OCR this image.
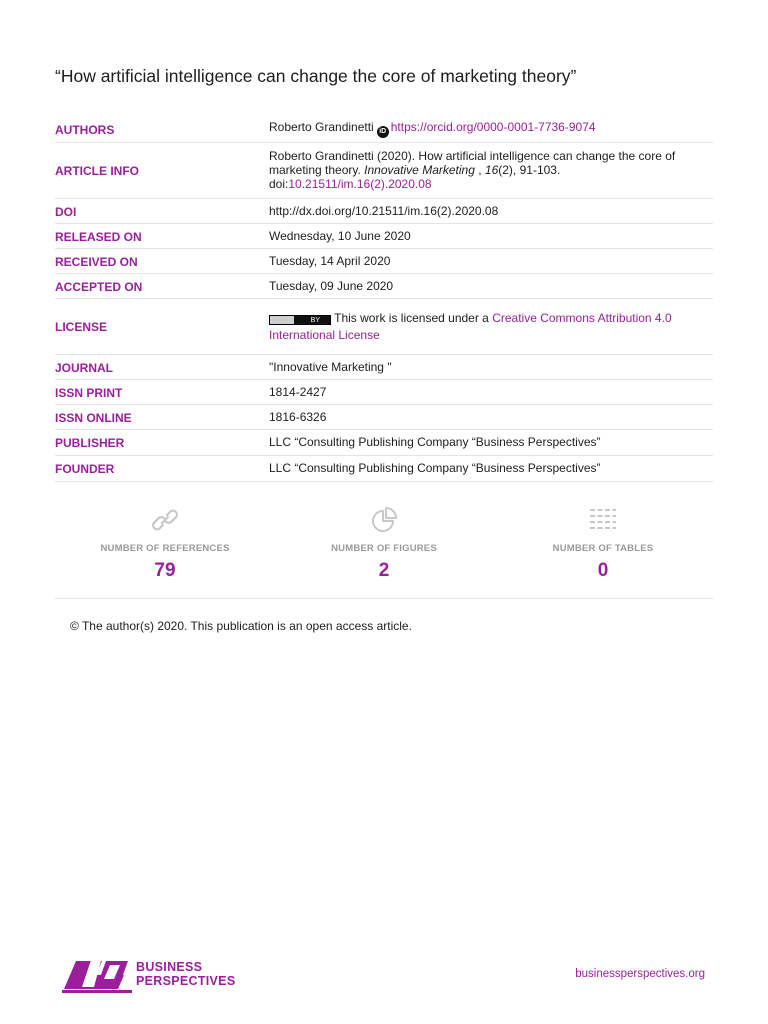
“How artificial intelligence can change the core of marketing theory”
AUTHORS	Roberto Grandinetti iD https://orcid.org/0000-0001-7736-9074
ARTICLE INFO	Roberto Grandinetti (2020). How artificial intelligence can change the core of marketing theory. Innovative Marketing , 16(2), 91-103.
doi:10.21511/im.16(2).2020.08
DOI	http://dx.doi.org/10.21511/im.16(2).2020.08
RELEASED ON	Wednesday, 10 June 2020
RECEIVED ON	Tuesday, 14 April 2020
ACCEPTED ON	Tuesday, 09 June 2020
LICENSE	BY This work is licensed under a Creative Commons Attribution 4.0 International License
JOURNAL	"Innovative Marketing "
ISSN PRINT	1814-2427
ISSN ONLINE	1816-6326
PUBLISHER	LLC “Consulting Publishing Company “Business Perspectives”
FOUNDER	LLC “Consulting Publishing Company “Business Perspectives”
NUMBER OF REFERENCES
79
NUMBER OF FIGURES
2
NUMBER OF TABLES
0
© The author(s) 2020. This publication is an open access article.
BUSINESS
PERSPECTIVES	businessperspectives.org
